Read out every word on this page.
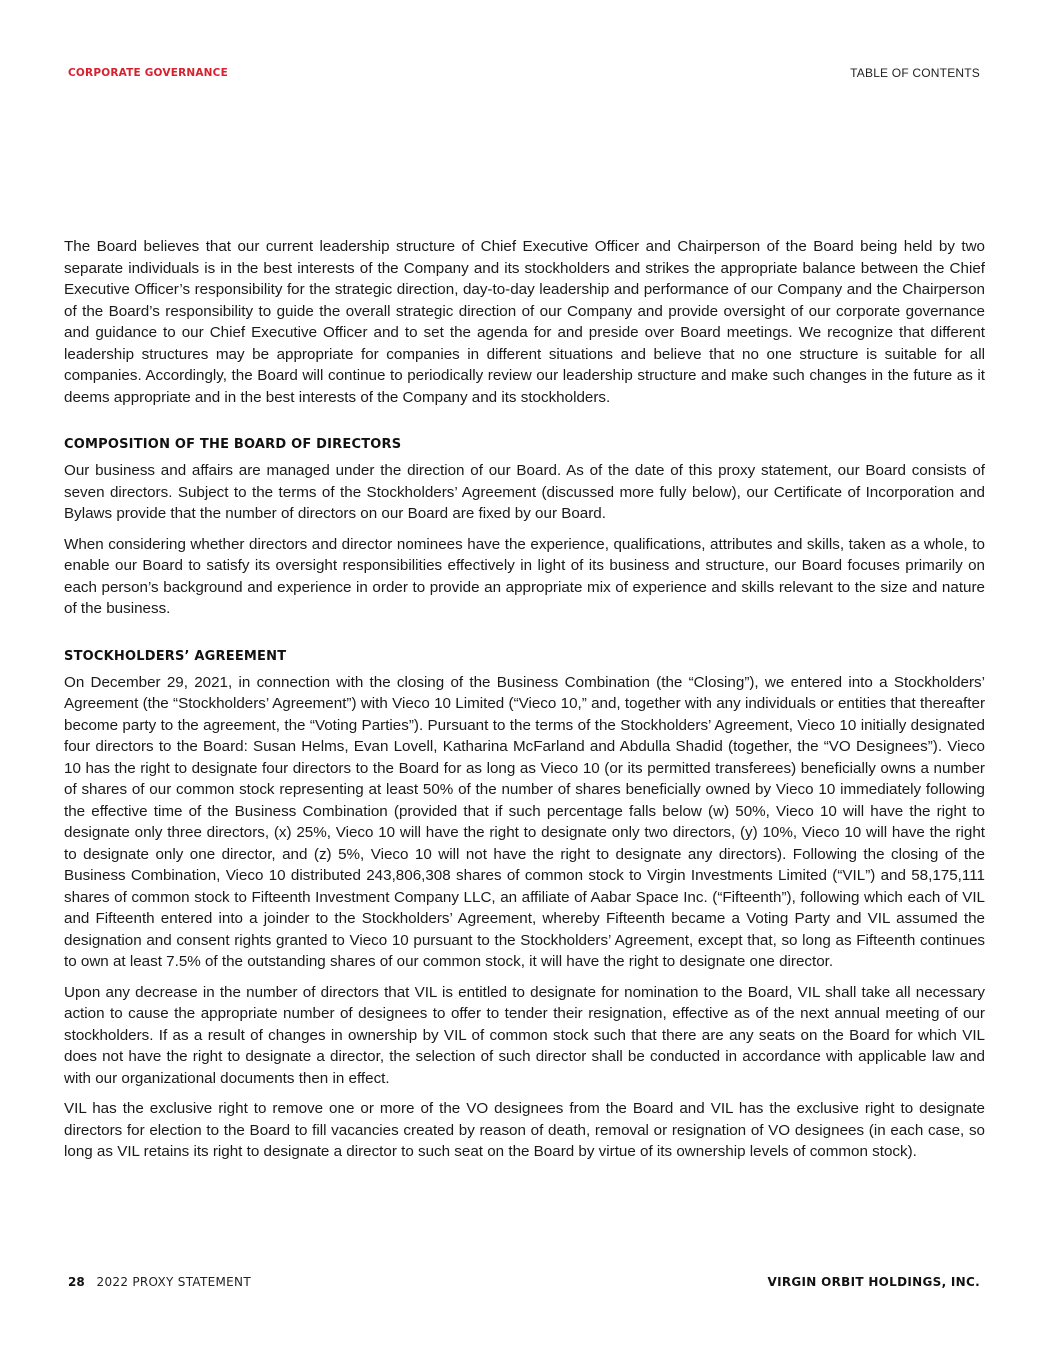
CORPORATE GOVERNANCE	TABLE OF CONTENTS

The Board believes that our current leadership structure of Chief Executive Officer and Chairperson of the Board being held by two separate individuals is in the best interests of the Company and its stockholders and strikes the appropriate balance between the Chief Executive Officer’s responsibility for the strategic direction, day-to-day leadership and performance of our Company and the Chairperson of the Board’s responsibility to guide the overall strategic direction of our Company and provide oversight of our corporate governance and guidance to our Chief Executive Officer and to set the agenda for and preside over Board meetings. We recognize that different leadership structures may be appropriate for companies in different situations and believe that no one structure is suitable for all companies. Accordingly, the Board will continue to periodically review our leadership structure and make such changes in the future as it deems appropriate and in the best interests of the Company and its stockholders.

COMPOSITION OF THE BOARD OF DIRECTORS

Our business and affairs are managed under the direction of our Board. As of the date of this proxy statement, our Board consists of seven directors. Subject to the terms of the Stockholders’ Agreement (discussed more fully below), our Certificate of Incorporation and Bylaws provide that the number of directors on our Board are fixed by our Board.

When considering whether directors and director nominees have the experience, qualifications, attributes and skills, taken as a whole, to enable our Board to satisfy its oversight responsibilities effectively in light of its business and structure, our Board focuses primarily on each person’s background and experience in order to provide an appropriate mix of experience and skills relevant to the size and nature of the business.

STOCKHOLDERS’ AGREEMENT

On December 29, 2021, in connection with the closing of the Business Combination (the “Closing”), we entered into a Stockholders’ Agreement (the “Stockholders’ Agreement”) with Vieco 10 Limited (“Vieco 10,” and, together with any individuals or entities that thereafter become party to the agreement, the “Voting Parties”). Pursuant to the terms of the Stockholders’ Agreement, Vieco 10 initially designated four directors to the Board: Susan Helms, Evan Lovell, Katharina McFarland and Abdulla Shadid (together, the “VO Designees”). Vieco 10 has the right to designate four directors to the Board for as long as Vieco 10 (or its permitted transferees) beneficially owns a number of shares of our common stock representing at least 50% of the number of shares beneficially owned by Vieco 10 immediately following the effective time of the Business Combination (provided that if such percentage falls below (w) 50%, Vieco 10 will have the right to designate only three directors, (x) 25%, Vieco 10 will have the right to designate only two directors, (y) 10%, Vieco 10 will have the right to designate only one director, and (z) 5%, Vieco 10 will not have the right to designate any directors). Following the closing of the Business Combination, Vieco 10 distributed 243,806,308 shares of common stock to Virgin Investments Limited (“VIL”) and 58,175,111 shares of common stock to Fifteenth Investment Company LLC, an affiliate of Aabar Space Inc. (“Fifteenth”), following which each of VIL and Fifteenth entered into a joinder to the Stockholders’ Agreement, whereby Fifteenth became a Voting Party and VIL assumed the designation and consent rights granted to Vieco 10 pursuant to the Stockholders’ Agreement, except that, so long as Fifteenth continues to own at least 7.5% of the outstanding shares of our common stock, it will have the right to designate one director.

Upon any decrease in the number of directors that VIL is entitled to designate for nomination to the Board, VIL shall take all necessary action to cause the appropriate number of designees to offer to tender their resignation, effective as of the next annual meeting of our stockholders. If as a result of changes in ownership by VIL of common stock such that there are any seats on the Board for which VIL does not have the right to designate a director, the selection of such director shall be conducted in accordance with applicable law and with our organizational documents then in effect.

VIL has the exclusive right to remove one or more of the VO designees from the Board and VIL has the exclusive right to designate directors for election to the Board to fill vacancies created by reason of death, removal or resignation of VO designees (in each case, so long as VIL retains its right to designate a director to such seat on the Board by virtue of its ownership levels of common stock).

28 2022 PROXY STATEMENT	VIRGIN ORBIT HOLDINGS, INC.
